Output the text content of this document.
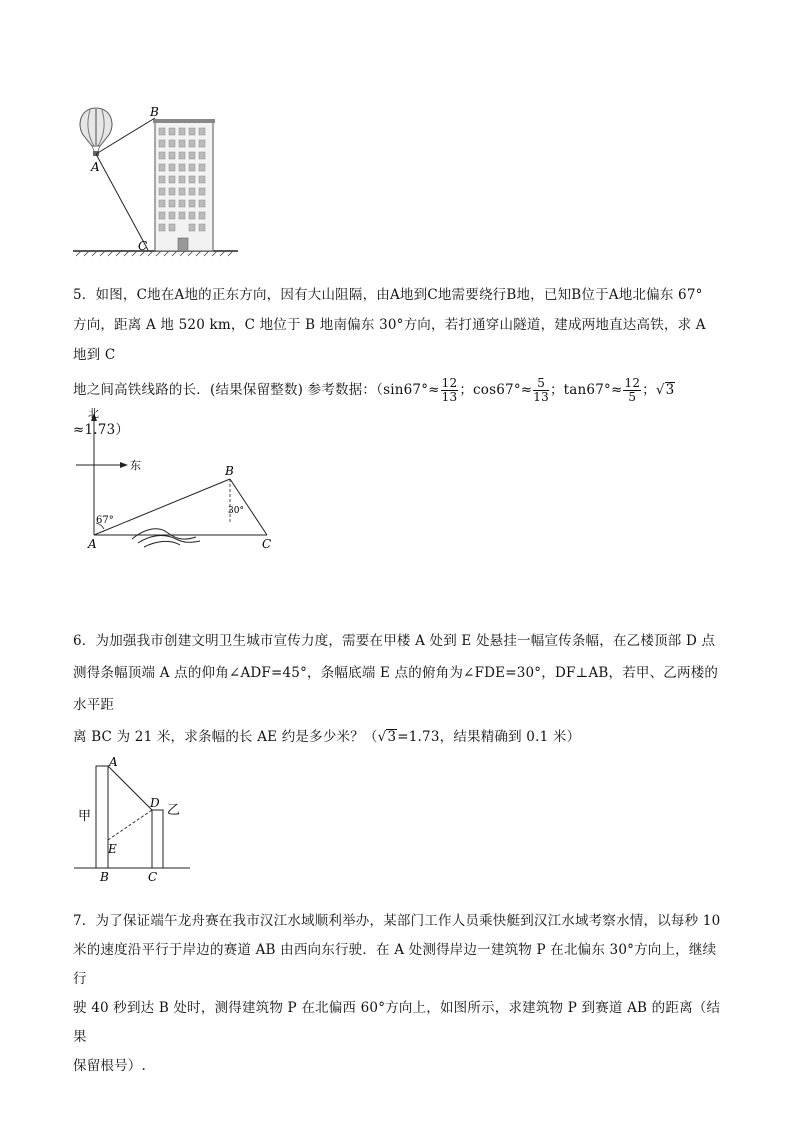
B
A
C

5．如图，C地在A地的正东方向，因有大山阻隔，由A地到C地需要绕行B地，已知B位于A地北偏东 67°

方向，距离 A 地 520 km，C 地位于 B 地南偏东 30°方向，若打通穿山隧道，建成两地直达高铁，求 A 地到 C

地之间高铁线路的长．(结果保留整数) 参考数据：（$\sin 67^\circ\approx \frac{12}{13}$ ；$\cos 67^\circ\approx \frac{5}{13}$ ；$\tan 67^\circ\approx \frac{12}{5}$ ；√3≈1.73）

北
东
67°
30°
B
A	C

6．为加强我市创建文明卫生城市宣传力度，需要在甲楼 A 处到 E 处悬挂一幅宣传条幅，在乙楼顶部 D 点

测得条幅顶端 A 点的仰角∠ADF=45°，条幅底端 E 点的俯角为∠FDE=30°，DF⊥AB，若甲、乙两楼的水平距

离 BC 为 21 米，求条幅的长 AE 约是多少米？（√3=1.73，结果精确到 0.1 米）

A
D
E
B	C
甲	乙

7．为了保证端午龙舟赛在我市汉江水域顺利举办，某部门工作人员乘快艇到汉江水域考察水情，以每秒 10

米的速度沿平行于岸边的赛道 AB 由西向东行驶．在 A 处测得岸边一建筑物 P 在北偏东 30°方向上，继续行

驶 40 秒到达 B 处时，测得建筑物 P 在北偏西 60°方向上，如图所示，求建筑物 P 到赛道 AB 的距离（结果

保留根号）.
